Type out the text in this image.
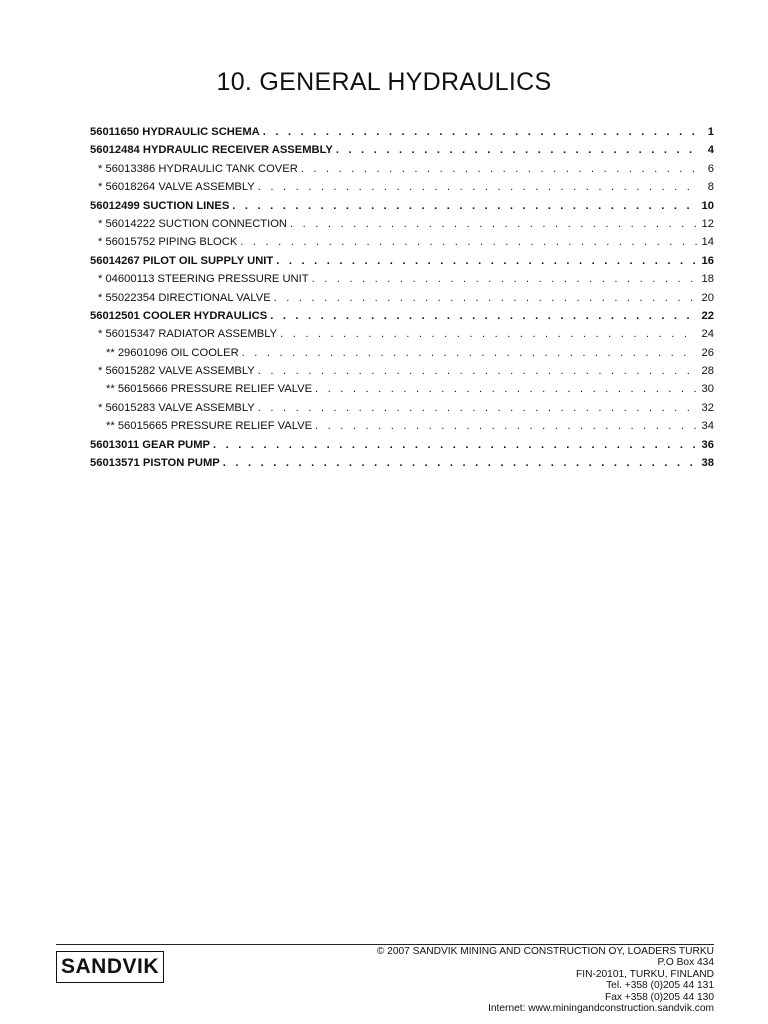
10. GENERAL HYDRAULICS
56011650 HYDRAULIC SCHEMA . . .	1
56012484 HYDRAULIC RECEIVER ASSEMBLY . . .	4
* 56013386 HYDRAULIC TANK COVER . . .	6
* 56018264 VALVE ASSEMBLY . . .	8
56012499 SUCTION LINES . . .	10
* 56014222 SUCTION CONNECTION . . .	12
* 56015752 PIPING BLOCK . . .	14
56014267 PILOT OIL SUPPLY UNIT . . .	16
* 04600113 STEERING PRESSURE UNIT . . .	18
* 55022354 DIRECTIONAL VALVE . . .	20
56012501 COOLER HYDRAULICS . . .	22
* 56015347 RADIATOR ASSEMBLY . . .	24
** 29601096 OIL COOLER . . .	26
* 56015282 VALVE ASSEMBLY . . .	28
** 56015666 PRESSURE RELIEF VALVE . . .	30
* 56015283 VALVE ASSEMBLY . . .	32
** 56015665 PRESSURE RELIEF VALVE . . .	34
56013011 GEAR PUMP . . .	36
56013571 PISTON PUMP . . .	38
SANDVIK
© 2007 SANDVIK MINING AND CONSTRUCTION OY, LOADERS TURKU
P.O Box 434
FIN-20101, TURKU, FINLAND
Tel. +358 (0)205 44 131
Fax +358 (0)205 44 130
Internet: www.miningandconstruction.sandvik.com
